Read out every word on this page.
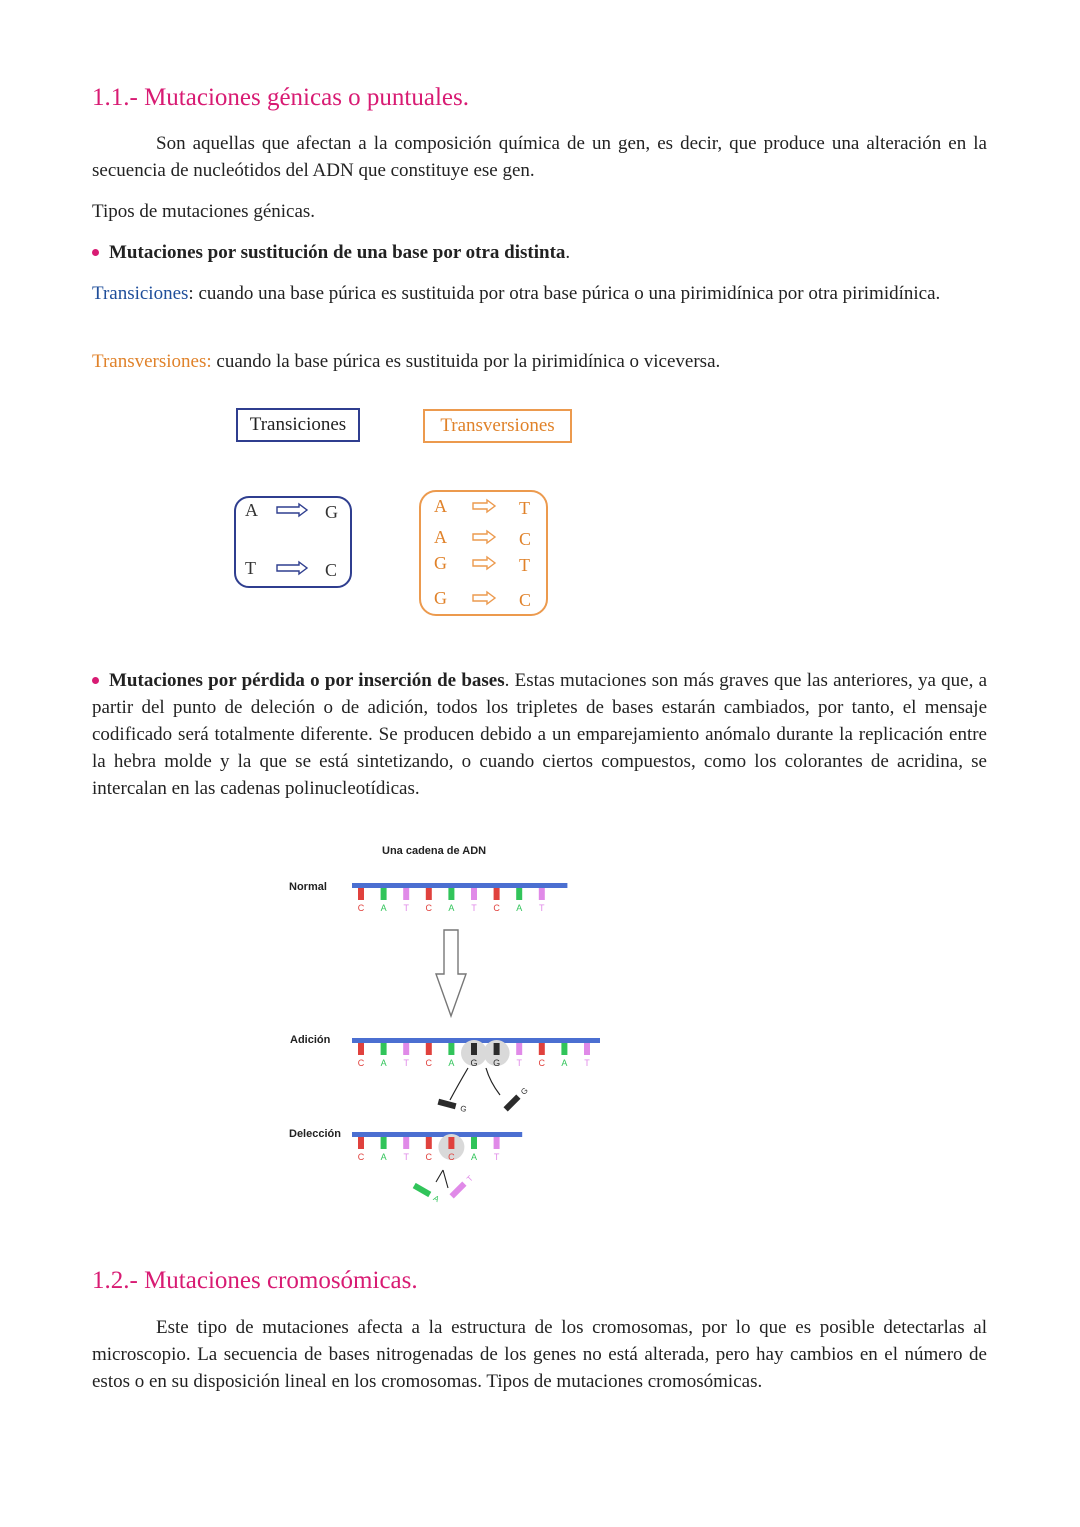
1.1.- Mutaciones génicas o puntuales.
Son aquellas que afectan a la composición química de un gen, es decir, que produce una alteración en la secuencia de nucleótidos del ADN que constituye ese gen.
Tipos de mutaciones génicas.
Mutaciones por sustitución de una base por otra distinta.
Transiciones: cuando una base púrica es sustituida por otra base púrica o una pirimidínica por otra pirimidínica.
Transversiones: cuando la base púrica es sustituida por la pirimidínica o viceversa.
Transiciones	Transversiones
A	G
T	C
A	T
A	C
G	T
G	C
Mutaciones por pérdida o por inserción de bases. Estas mutaciones son más graves que las anteriores, ya que, a partir del punto de deleción o de adición, todos los tripletes de bases estarán cambiados, por tanto, el mensaje codificado será totalmente diferente. Se producen debido a un emparejamiento anómalo durante la replicación entre la hebra molde y la que se está sintetizando, o cuando ciertos compuestos, como los colorantes de acridina, se intercalan en las cadenas polinucleotídicas.
Una cadena de ADN
Normal
Adición
Delección
C A T C A T C A T
C A T C A G G T C A T
G
G
C A T C C A T
A
T
1.2.- Mutaciones cromosómicas.
Este tipo de mutaciones afecta a la estructura de los cromosomas, por lo que es posible detectarlas al microscopio. La secuencia de bases nitrogenadas de los genes no está alterada, pero hay cambios en el número de estos o en su disposición lineal en los cromosomas. Tipos de mutaciones cromosómicas.
